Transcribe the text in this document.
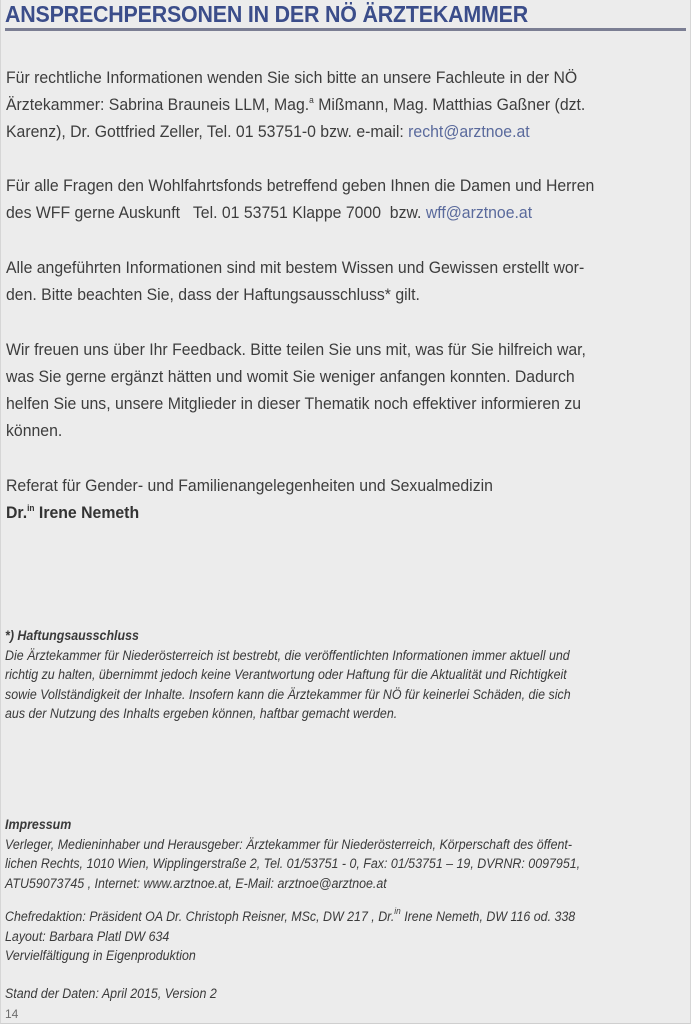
ANSPRECHPERSONEN IN DER NÖ ÄRZTEKAMMER
Für rechtliche Informationen wenden Sie sich bitte an unsere Fachleute in der NÖ
Ärztekammer: Sabrina Brauneis LLM, Mag.$^a$ Mißmann, Mag. Matthias Gaßner (dzt.
Karenz), Dr. Gottfried Zeller, Tel. 01 53751-0 bzw. e-mail: recht@arztnoe.at
Für alle Fragen den Wohlfahrtsfonds betreffend geben Ihnen die Damen und Herren
des WFF gerne Auskunft   Tel. 01 53751 Klappe 7000  bzw. wff@arztnoe.at
Alle angeführten Informationen sind mit bestem Wissen und Gewissen erstellt wor-
den. Bitte beachten Sie, dass der Haftungsausschluss* gilt.
Wir freuen uns über Ihr Feedback. Bitte teilen Sie uns mit, was für Sie hilfreich war,
was Sie gerne ergänzt hätten und womit Sie weniger anfangen konnten. Dadurch
helfen Sie uns, unsere Mitglieder in dieser Thematik noch effektiver informieren zu
können.
Referat für Gender- und Familienangelegenheiten und Sexualmedizin
Dr.$^{in}$ Irene Nemeth
*) Haftungsausschluss
Die Ärztekammer für Niederösterreich ist bestrebt, die veröffentlichten Informationen immer aktuell und
richtig zu halten, übernimmt jedoch keine Verantwortung oder Haftung für die Aktualität und Richtigkeit
sowie Vollständigkeit der Inhalte. Insofern kann die Ärztekammer für NÖ für keinerlei Schäden, die sich
aus der Nutzung des Inhalts ergeben können, haftbar gemacht werden.
Impressum
Verleger, Medieninhaber und Herausgeber: Ärztekammer für Niederösterreich, Körperschaft des öffent-
lichen Rechts, 1010 Wien, Wipplingerstraße 2, Tel. 01/53751 - 0, Fax: 01/53751 – 19, DVRNR: 0097951,
ATU59073745 , Internet: www.arztnoe.at, E-Mail: arztnoe@arztnoe.at
Chefredaktion: Präsident OA Dr. Christoph Reisner, MSc, DW 217 , Dr.$^{in}$ Irene Nemeth, DW 116 od. 338
Layout: Barbara Platl DW 634
Vervielfältigung in Eigenproduktion
Stand der Daten: April 2015, Version 2
14
